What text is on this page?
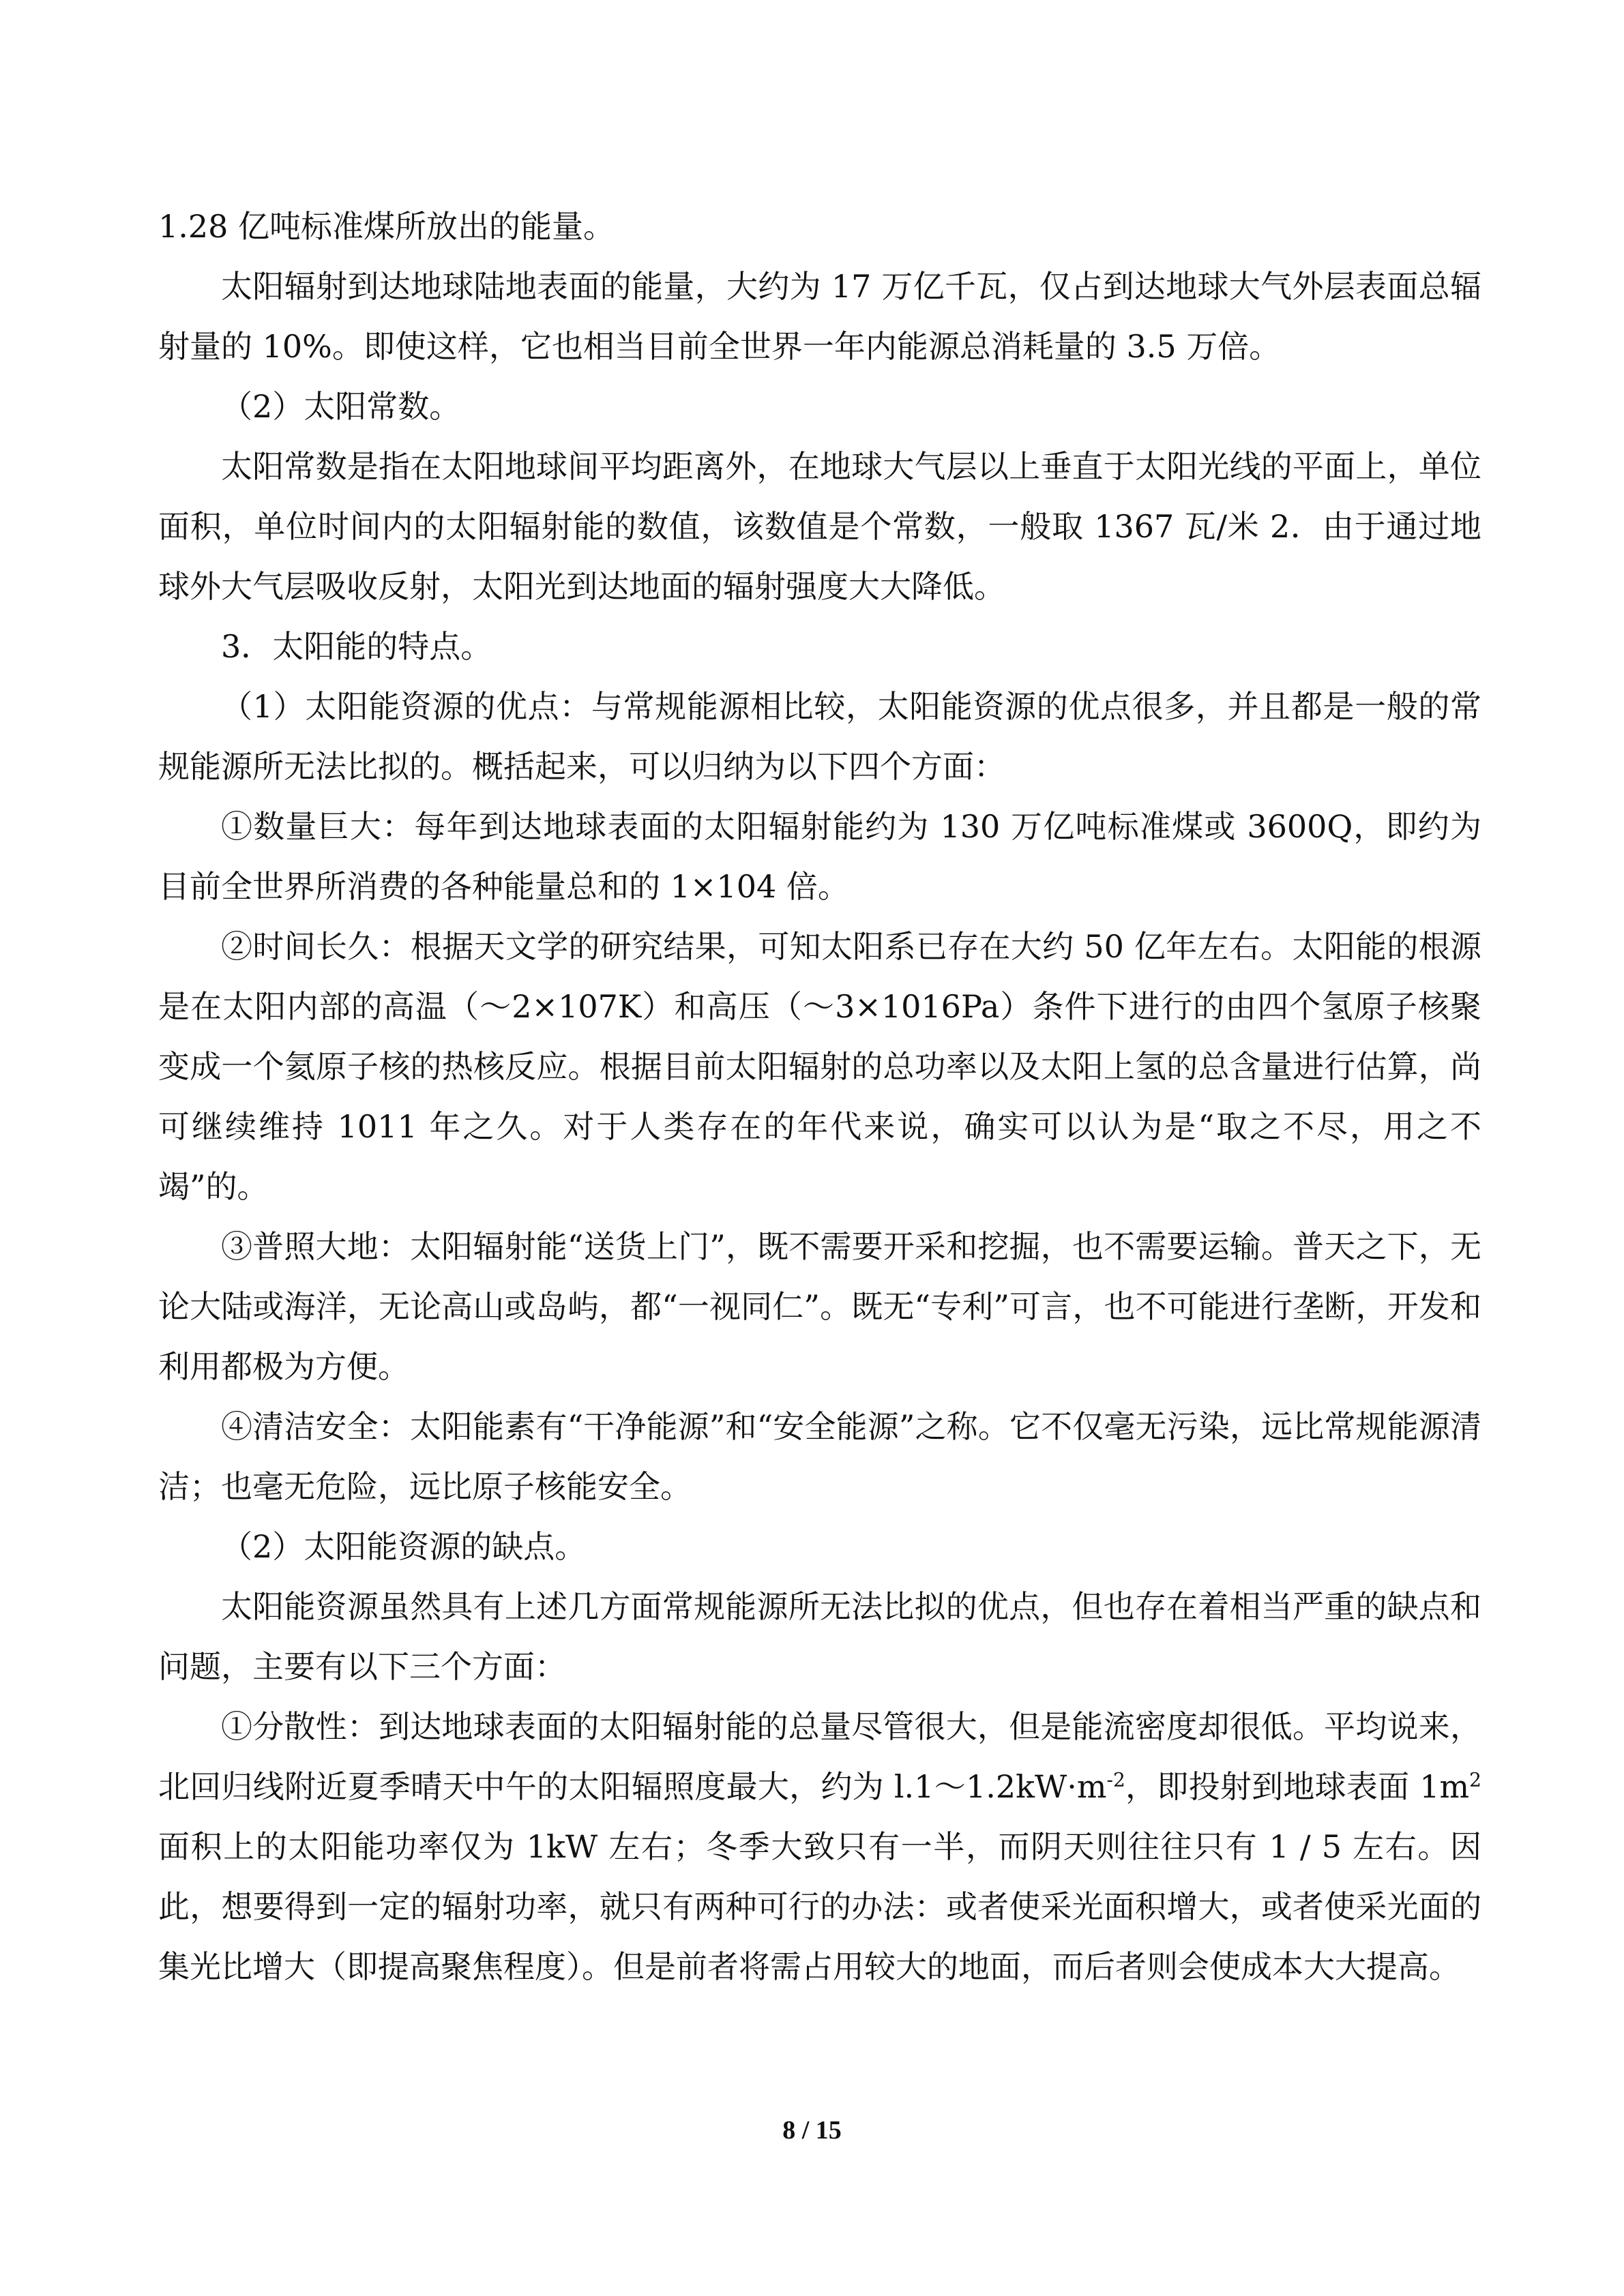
1.28 亿吨标准煤所放出的能量。

太阳辐射到达地球陆地表面的能量，大约为 17 万亿千瓦，仅占到达地球大气外层表面总辐射量的 10%。即使这样，它也相当目前全世界一年内能源总消耗量的 3.5 万倍。

（2）太阳常数。

太阳常数是指在太阳地球间平均距离外，在地球大气层以上垂直于太阳光线的平面上，单位面积，单位时间内的太阳辐射能的数值，该数值是个常数，一般取 1367 瓦/米 2．由于通过地球外大气层吸收反射，太阳光到达地面的辐射强度大大降低。

3．太阳能的特点。

（1）太阳能资源的优点：与常规能源相比较，太阳能资源的优点很多，并且都是一般的常规能源所无法比拟的。概括起来，可以归纳为以下四个方面：

①数量巨大：每年到达地球表面的太阳辐射能约为 130 万亿吨标准煤或 3600Q，即约为目前全世界所消费的各种能量总和的 1×104 倍。

②时间长久：根据天文学的研究结果，可知太阳系已存在大约 50 亿年左右。太阳能的根源是在太阳内部的高温（～2×107K）和高压（～3×1016Pa）条件下进行的由四个氢原子核聚变成一个氦原子核的热核反应。根据目前太阳辐射的总功率以及太阳上氢的总含量进行估算，尚可继续维持 1011 年之久。对于人类存在的年代来说，确实可以认为是“取之不尽，用之不竭”的。

③普照大地：太阳辐射能“送货上门”，既不需要开采和挖掘，也不需要运输。普天之下，无论大陆或海洋，无论高山或岛屿，都“一视同仁”。既无“专利”可言，也不可能进行垄断，开发和利用都极为方便。

④清洁安全：太阳能素有“干净能源”和“安全能源”之称。它不仅毫无污染，远比常规能源清洁；也毫无危险，远比原子核能安全。

（2）太阳能资源的缺点。

太阳能资源虽然具有上述几方面常规能源所无法比拟的优点，但也存在着相当严重的缺点和问题，主要有以下三个方面：

①分散性：到达地球表面的太阳辐射能的总量尽管很大，但是能流密度却很低。平均说来，北回归线附近夏季晴天中午的太阳辐照度最大，约为 $l.1\sim 1.2kW\cdot m^{-2}$，即投射到地球表面 $1m^2$ 面积上的太阳能功率仅为 1kW 左右；冬季大致只有一半，而阴天则往往只有 1 / 5 左右。因此，想要得到一定的辐射功率，就只有两种可行的办法：或者使采光面积增大，或者使采光面的集光比增大（即提高聚焦程度）。但是前者将需占用较大的地面，而后者则会使成本大大提高。

8 / 15
